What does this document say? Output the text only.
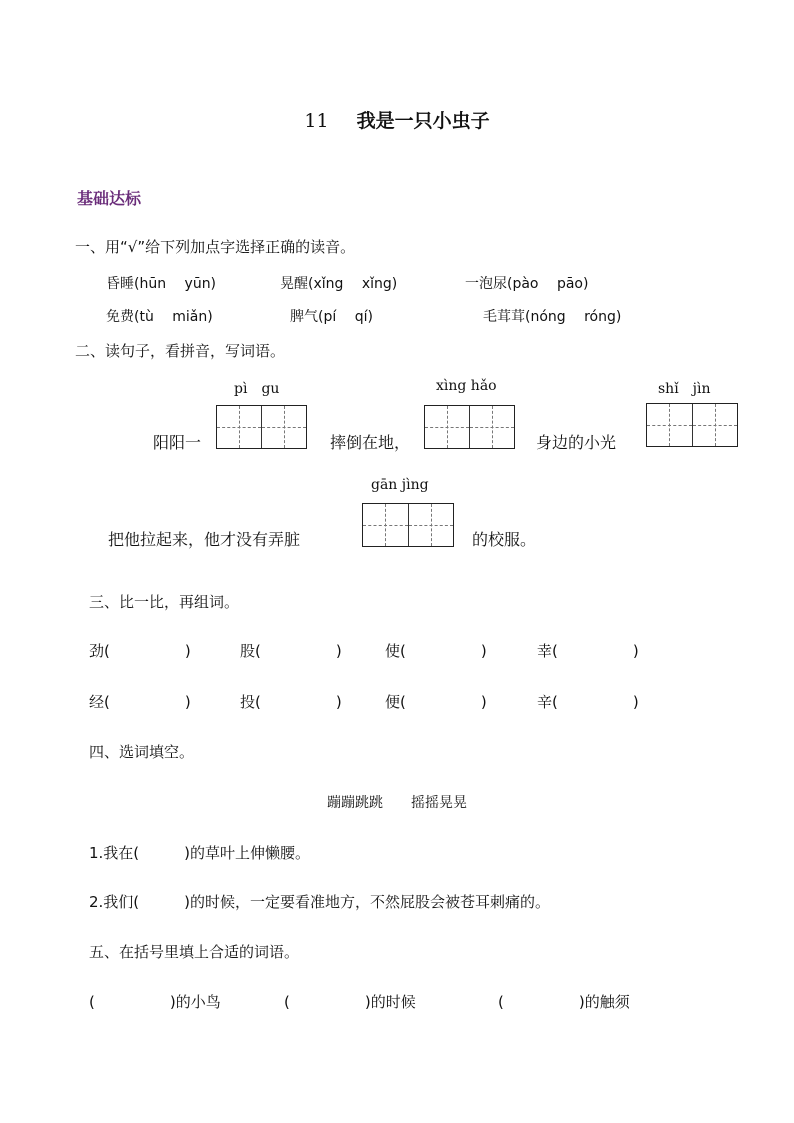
11 我是一只小虫子
基础达标
一、用“√”给下列加点字选择正确的读音。
昏睡(hūn　 yūn)	晃醒(xǐng　 xǐng)	一泡尿(pào　 pāo)
免费(tù　 miǎn)	脾气(pí　 qí)	毛茸茸(nóng　 róng)
二、读句子，看拼音，写词语。
pì　gu	xìng hǎo	shǐ　jìn
阳阳一	摔倒在地，	身边的小光
gān jìng
把他拉起来，他才没有弄脏	的校服。
三、比一比，再组词。
劲(　　　　　)	股(　　　　　)	使(　　　　　)	幸(　　　　　)
经(　　　　　)	投(　　　　　)	便(　　　　　)	辛(　　　　　)
四、选词填空。
蹦蹦跳跳　　摇摇晃晃
1.我在(　　　)的草叶上伸懒腰。
2.我们(　　　)的时候，一定要看准地方，不然屁股会被苍耳刺痛的。
五、在括号里填上合适的词语。
(　　　　　)的小鸟	(　　　　　)的时候	(　　　　　)的触须
